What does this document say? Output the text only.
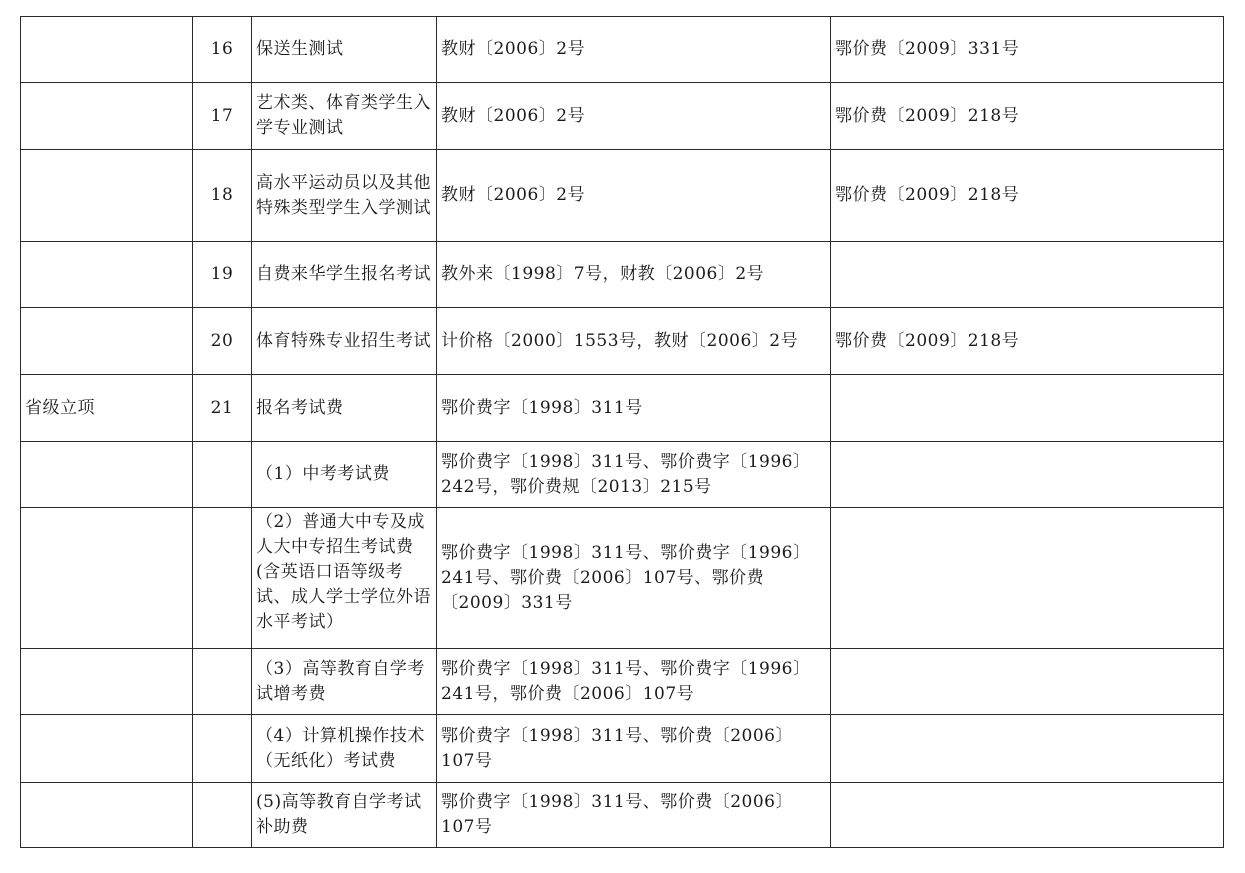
	16	保送生测试	教财〔2006〕2号	鄂价费〔2009〕331号
	17	艺术类、体育类学生入学专业测试	教财〔2006〕2号	鄂价费〔2009〕218号
	18	高水平运动员以及其他特殊类型学生入学测试	教财〔2006〕2号	鄂价费〔2009〕218号
	19	自费来华学生报名考试	教外来〔1998〕7号，财教〔2006〕2号	
	20	体育特殊专业招生考试	计价格〔2000〕1553号，教财〔2006〕2号	鄂价费〔2009〕218号
省级立项	21	报名考试费	鄂价费字〔1998〕311号	

		（1）中考考试费	鄂价费字〔1998〕311号、鄂价费字〔1996〕242号，鄂价费规〔2013〕215号	

		（2）普通大中专及成人大中专招生考试费(含英语口语等级考试、成人学士学位外语水平考试）	鄂价费字〔1998〕311号、鄂价费字〔1996〕241号、鄂价费〔2006〕107号、鄂价费〔2009〕331号	

		（3）高等教育自学考试增考费	鄂价费字〔1998〕311号、鄂价费字〔1996〕241号，鄂价费〔2006〕107号	

		（4）计算机操作技术（无纸化）考试费	鄂价费字〔1998〕311号、鄂价费〔2006〕107号	

		(5)高等教育自学考试补助费	鄂价费字〔1998〕311号、鄂价费〔2006〕107号	
